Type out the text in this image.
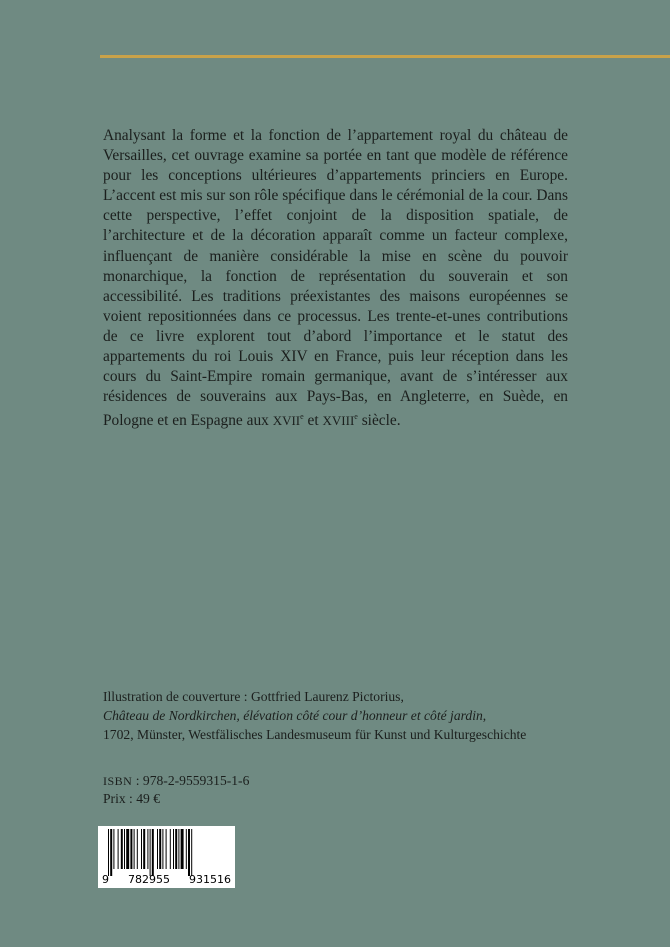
Analysant la forme et la fonction de l’appartement royal du château de Versailles, cet ouvrage examine sa portée en tant que modèle de référence pour les conceptions ultérieures d’appartements princiers en Europe. L’accent est mis sur son rôle spécifique dans le cérémonial de la cour. Dans cette perspective, l’effet conjoint de la disposition spatiale, de l’architecture et de la décoration apparaît comme un facteur complexe, influençant de manière considérable la mise en scène du pouvoir monarchique, la fonction de représentation du souverain et son accessibilité. Les traditions préexistantes des maisons européennes se voient repositionnées dans ce processus. Les trente-et-unes contributions de ce livre explorent tout d’abord l’importance et le statut des appartements du roi Louis XIV en France, puis leur réception dans les cours du Saint-Empire romain germanique, avant de s’intéresser aux résidences de souverains aux Pays-Bas, en Angleterre, en Suède, en Pologne et en Espagne aux XVIIe et XVIIIe siècle.
Illustration de couverture : Gottfried Laurenz Pictorius,
Château de Nordkirchen, élévation côté cour d’honneur et côté jardin,
1702, Münster, Westfälisches Landesmuseum für Kunst und Kulturgeschichte
ISBN : 978-2-9559315-1-6
Prix : 49 €
9 782955 931516
